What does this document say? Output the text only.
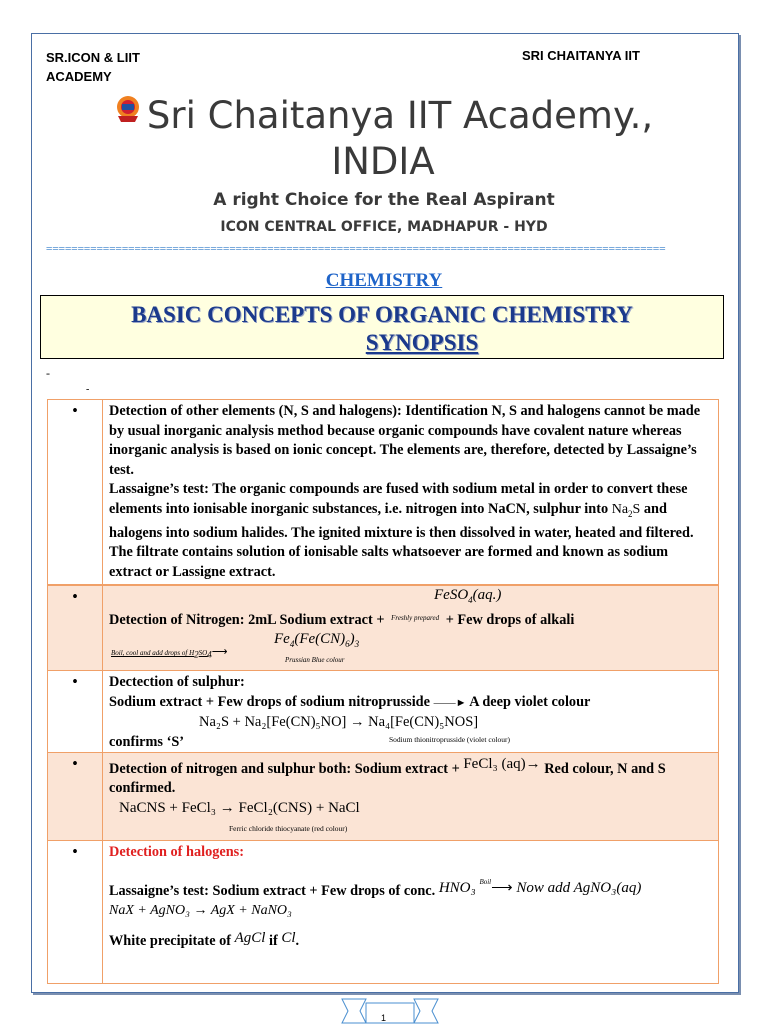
SR.ICON & LIIT ACADEMY
SRI CHAITANYA IIT
Sri Chaitanya IIT Academy.,
INDIA
A right Choice for the Real Aspirant
ICON CENTRAL OFFICE, MADHAPUR - HYD
==================================================================================================
CHEMISTRY
BASIC CONCEPTS OF ORGANIC CHEMISTRY
SYNOPSIS
-
-
•	Detection of other elements (N, S and halogens): Identification N, S and halogens cannot be made by usual inorganic analysis method because organic compounds have covalent nature whereas inorganic analysis is based on ionic concept. The elements are, therefore, detected by Lassaigne’s test.
Lassaigne’s test: The organic compounds are fused with sodium metal in order to convert these elements into ionisable inorganic substances, i.e. nitrogen into NaCN, sulphur into $Na_2S$ and halogens into sodium halides. The ignited mixture is then dissolved in water, heated and filtered. The filtrate contains solution of ionisable salts whatsoever are formed and known as sodium extract or Lassigne extract.
•	FeSO$_4$(aq.)
Detection of Nitrogen: 2mL Sodium extract + $^{Freshly prepared}$ + Few drops of alkali
$Fe_4(Fe(CN)_6)_3$
Boil, cool and add drops of $H_2SO_4⟶$
Prussian Blue colour

•	Dectection of sulphur:
Sodium extract + Few drops of sodium nitroprusside ——► A deep violet colour
Na₂S + Na₂[Fe(CN)₅NO] → Na₄[Fe(CN)₅NOS]

confirms ‘S’ Sodium thionitroprusside (violet colour)

•	Detection of nitrogen and sulphur both: Sodium extract + FeCl₃ (aq)→ Red colour, N and S confirmed.
NaCNS + FeCl₃ → FeCl₂(CNS) + NaCl
Ferric chloride thiocyanate (red colour)
•	Detection of halogens:

Lassaigne’s test: Sodium extract + Few drops of conc. HNO₃ $^{Boil}$⟶ Now add AgNO₃(aq)
NaX + AgNO₃ → AgX + NaNO₃

White precipitate of AgCl if Cl.
1
